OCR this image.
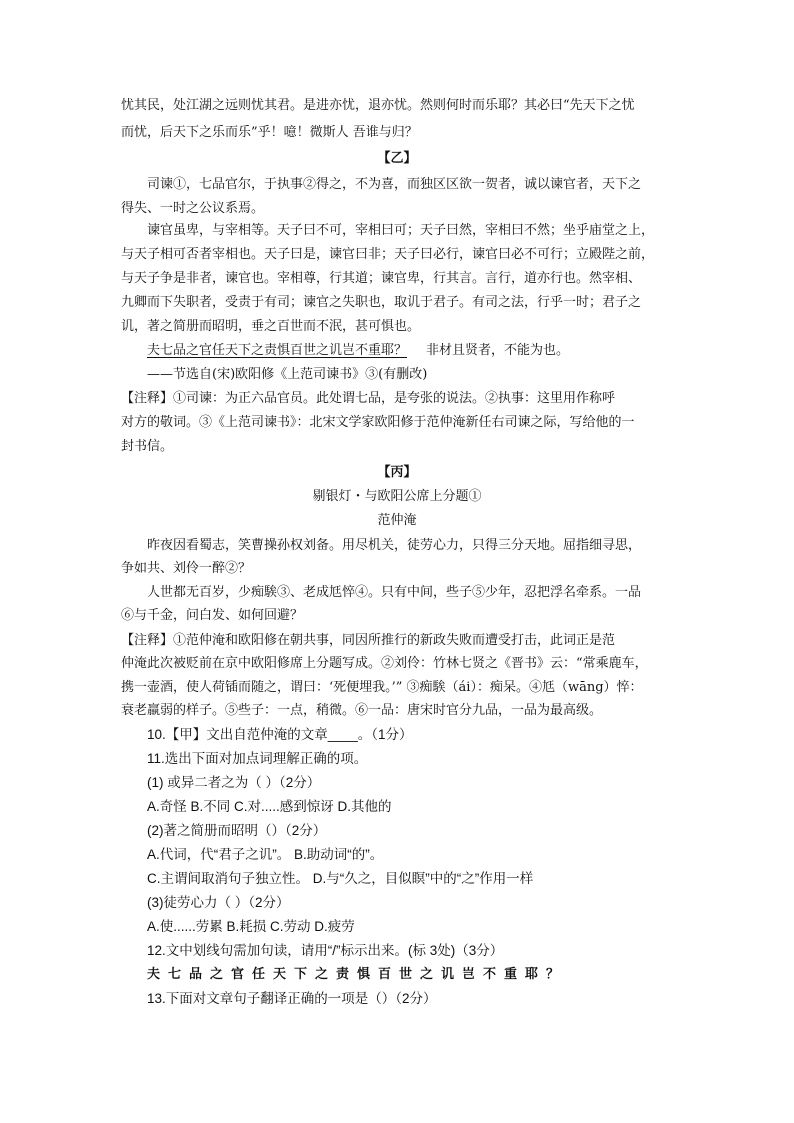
忧其民，处江湖之远则忧其君。是进亦忧，退亦忧。然则何时而乐耶？其必曰“先天下之忧
而忧，后天下之乐而乐”乎！噫！微斯人 吾谁与归？
【乙】
司谏①，七品官尔，于执事②得之，不为喜，而独区区欲一贺者，诚以谏官者，天下之
得失、一时之公议系焉。
谏官虽卑，与宰相等。天子曰不可，宰相曰可；天子曰然，宰相曰不然；坐乎庙堂之上，
与天子相可否者宰相也。天子曰是，谏官曰非；天子曰必行，谏官曰必不可行；立殿陛之前，
与天子争是非者，谏官也。宰相尊，行其道；谏官卑，行其言。言行，道亦行也。然宰相、
九卿而下失职者，受责于有司；谏官之失职也，取讥于君子。有司之法，行乎一时；君子之
讥，著之简册而昭明，垂之百世而不泯，甚可惧也。
夫七品之官任天下之责惧百世之讥岂不重耶？ 非材且贤者，不能为也。
——节选自(宋)欧阳修《上范司谏书》③(有删改)
【注释】①司谏：为正六品官员。此处谓七品，是夸张的说法。②执事：这里用作称呼
对方的敬词。③《上范司谏书》：北宋文学家欧阳修于范仲淹新任右司谏之际，写给他的一
封书信。
【丙】
剔银灯・与欧阳公席上分题①
范仲淹
昨夜因看蜀志，笑曹操孙权刘备。用尽机关，徒劳心力，只得三分天地。屈指细寻思，
争如共、刘伶一醉②？
人世都无百岁，少痴騃③、老成尪悴④。只有中间，些子⑤少年，忍把浮名牵系。一品
⑥与千金，问白发、如何回避？
【注释】①范仲淹和欧阳修在朝共事，同因所推行的新政失败而遭受打击，此词正是范
仲淹此次被贬前在京中欧阳修席上分题写成。②刘伶：竹林七贤之《晋书》云：“常乘鹿车，
携一壶酒，使人荷锸而随之，谓曰：‘死便埋我。’” ③痴騃（ái）：痴呆。④尪（wāng）悴：
衰老羸弱的样子。⑤些子：一点，稍微。⑥一品：唐宋时官分九品，一品为最高级。
10.【甲】文出自范仲淹的文章____。（1分）
11.选出下面对加点词理解正确的项。
(1) 或异二者之为（ ）（2分）
A.奇怪 B.不同 C.对.....感到惊讶 D.其他的
(2)著之简册而昭明（）（2分）
A.代词，代“君子之讥”。 B.助动词“的”。
C.主谓间取消句子独立性。 D.与“久之，目似瞑”中的“之”作用一样
(3)徒劳心力（ ）（2分）
A.使......劳累 B.耗损 C.劳动 D.疲劳
12.文中划线句需加句读，请用“/”标示出来。(标 3处)（3分）
夫七品之官任天下之责惧百世之讥岂不重耶？
13.下面对文章句子翻译正确的一项是（）（2分）
